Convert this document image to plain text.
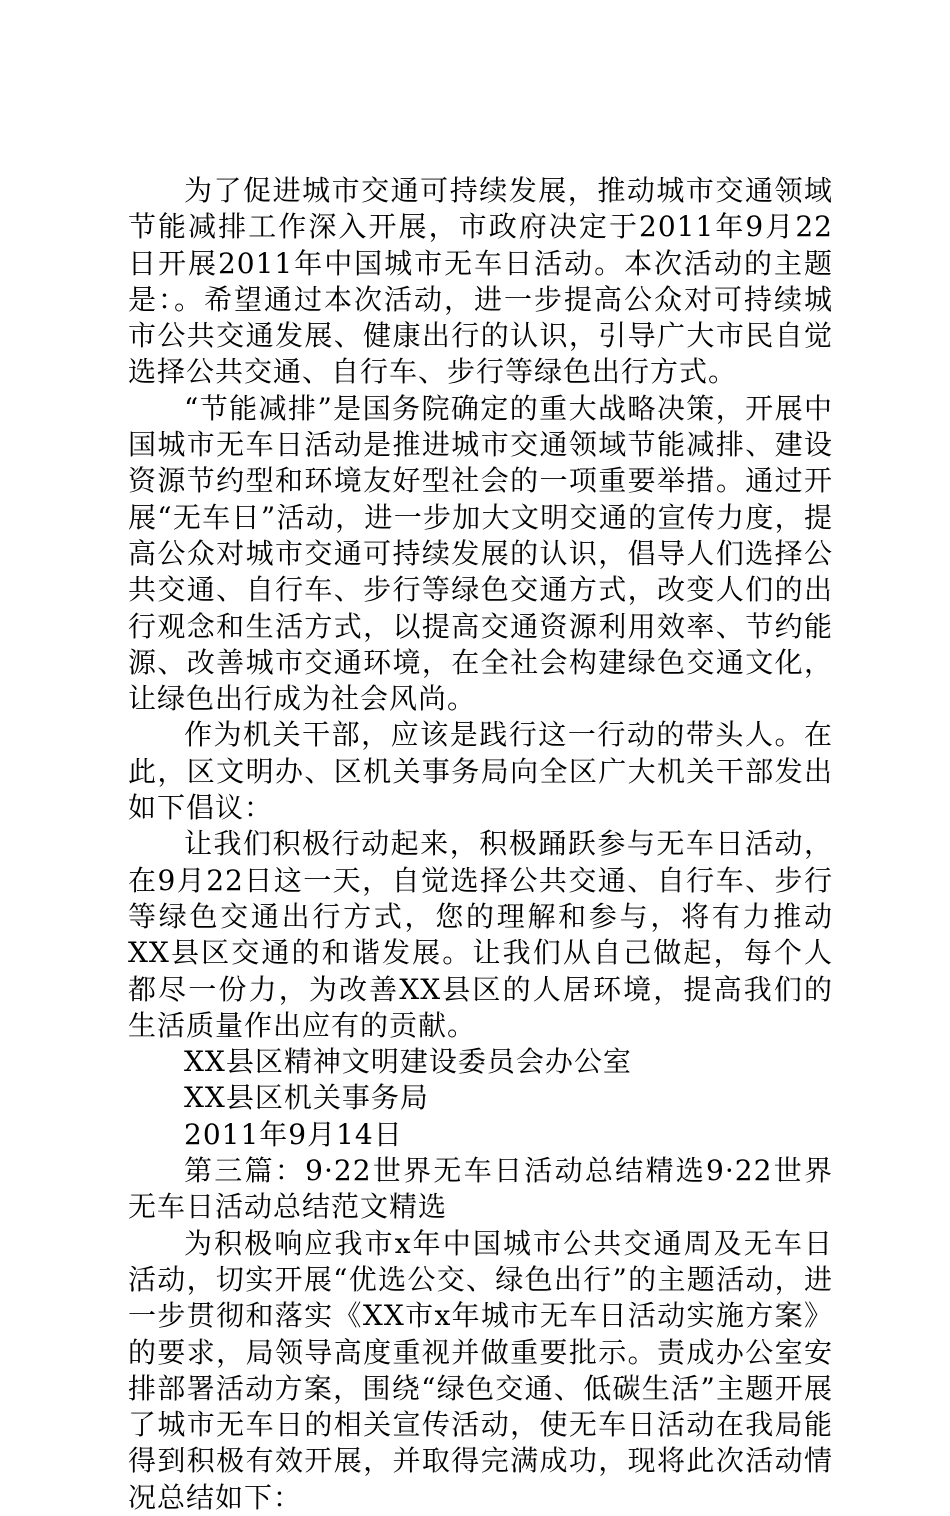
为了促进城市交通可持续发展，推动城市交通领域节能减排工作深入开展，市政府决定于2011年9月22日开展2011年中国城市无车日活动。本次活动的主题是：。希望通过本次活动，进一步提高公众对可持续城市公共交通发展、健康出行的认识，引导广大市民自觉选择公共交通、自行车、步行等绿色出行方式。

“节能减排”是国务院确定的重大战略决策，开展中国城市无车日活动是推进城市交通领域节能减排、建设资源节约型和环境友好型社会的一项重要举措。通过开展“无车日”活动，进一步加大文明交通的宣传力度，提高公众对城市交通可持续发展的认识，倡导人们选择公共交通、自行车、步行等绿色交通方式，改变人们的出行观念和生活方式，以提高交通资源利用效率、节约能源、改善城市交通环境，在全社会构建绿色交通文化，让绿色出行成为社会风尚。

作为机关干部，应该是践行这一行动的带头人。在此，区文明办、区机关事务局向全区广大机关干部发出如下倡议：

让我们积极行动起来，积极踊跃参与无车日活动，在9月22日这一天，自觉选择公共交通、自行车、步行等绿色交通出行方式，您的理解和参与，将有力推动XX县区交通的和谐发展。让我们从自己做起，每个人都尽一份力，为改善XX县区的人居环境，提高我们的生活质量作出应有的贡献。

XX县区精神文明建设委员会办公室

XX县区机关事务局

2011年9月14日

第三篇：9·22世界无车日活动总结精选9·22世界无车日活动总结范文精选

为积极响应我市x年中国城市公共交通周及无车日活动，切实开展“优选公交、绿色出行”的主题活动，进一步贯彻和落实《XX市x年城市无车日活动实施方案》的要求，局领导高度重视并做重要批示。责成办公室安排部署活动方案，围绕“绿色交通、低碳生活”主题开展了城市无车日的相关宣传活动，使无车日活动在我局能得到积极有效开展，并取得完满成功，现将此次活动情况总结如下：
